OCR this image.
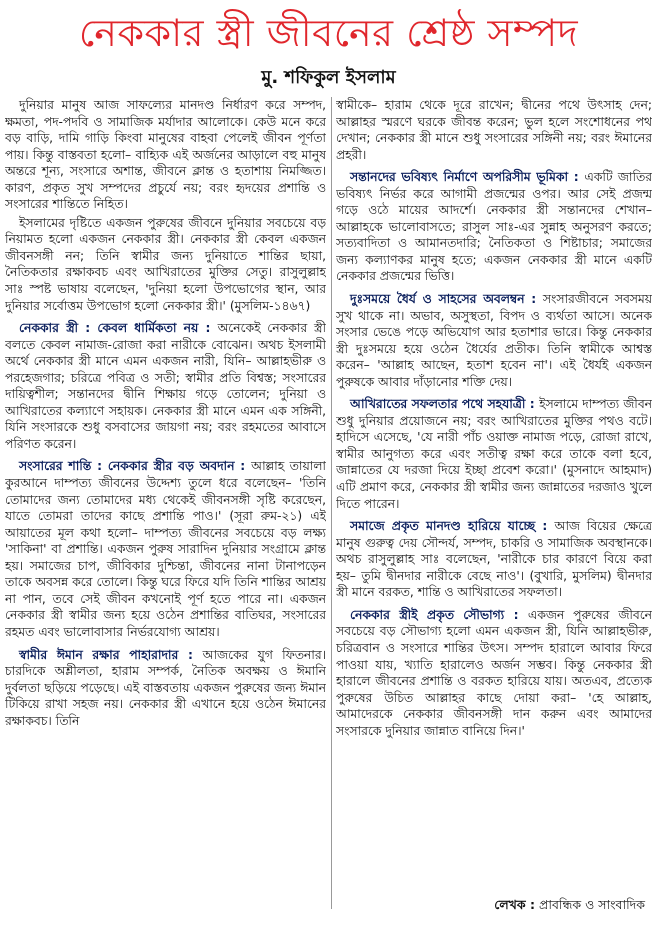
নেককার স্ত্রী জীবনের শ্রেষ্ঠ সম্পদ
মু. শফিকুল ইসলাম

দুনিয়ার মানুষ আজ সাফল্যের মানদণ্ড নির্ধারণ করে সম্পদ, ক্ষমতা, পদ-পদবি ও সামাজিক মর্যাদার আলোকে। কেউ মনে করে বড় বাড়ি, দামি গাড়ি কিংবা মানুষের বাহবা পেলেই জীবন পূর্ণতা পায়। কিন্তু বাস্তবতা হলো– বাহ্যিক এই অর্জনের আড়ালে বহু মানুষ অন্তরে শূন্য, সংসারে অশান্ত, জীবনে ক্লান্ত ও হতাশায় নিমজ্জিত। কারণ, প্রকৃত সুখ সম্পদের প্রচুর্যে নয়; বরং হৃদয়ের প্রশান্তি ও সংসারের শান্তিতে নিহিত।

ইসলামের দৃষ্টিতে একজন পুরুষের জীবনে দুনিয়ার সবচেয়ে বড় নিয়ামত হলো একজন নেককার স্ত্রী। নেককার স্ত্রী কেবল একজন জীবনসঙ্গী নন; তিনি স্বামীর জন্য দুনিয়াতে শান্তির ছায়া, নৈতিকতার রক্ষাকবচ এবং আখিরাতের মুক্তির সেতু। রাসুলুল্লাহ সাঃ স্পষ্ট ভাষায় বলেছেন, 'দুনিয়া হলো উপভোগের স্থান, আর দুনিয়ার সর্বোত্তম উপভোগ হলো নেককার স্ত্রী।' (মুসলিম-১৪৬৭)

নেককার স্ত্রী : কেবল ধার্মিকতা নয় : অনেকেই নেককার স্ত্রী বলতে কেবল নামাজ-রোজা করা নারীকে বোঝেন। অথচ ইসলামী অর্থে নেককার স্ত্রী মানে এমন একজন নারী, যিনি– আল্লাহভীরু ও পরহেজগার; চরিত্রে পবিত্র ও সতী; স্বামীর প্রতি বিশ্বস্ত; সংসারের দায়িত্বশীল; সন্তানদের দ্বীনি শিক্ষায় গড়ে তোলেন; দুনিয়া ও আখিরাতের কল্যাণে সহায়ক। নেককার স্ত্রী মানে এমন এক সঙ্গিনী, যিনি সংসারকে শুধু বসবাসের জায়গা নয়; বরং রহমতের আবাসে পরিণত করেন।

সংসারের শান্তি : নেককার স্ত্রীর বড় অবদান : আল্লাহ তায়ালা কুরআনে দাম্পত্য জীবনের উদ্দেশ্য তুলে ধরে বলেছেন– 'তিনি তোমাদের জন্য তোমাদের মধ্য থেকেই জীবনসঙ্গী সৃষ্টি করেছেন, যাতে তোমরা তাদের কাছে প্রশান্তি পাও।' (সূরা রুম-২১) এই আয়াতের মূল কথা হলো– দাম্পত্য জীবনের সবচেয়ে বড় লক্ষ্য 'সাকিনা' বা প্রশান্তি। একজন পুরুষ সারাদিন দুনিয়ার সংগ্রামে ক্লান্ত হয়। সমাজের চাপ, জীবিকার দুশ্চিন্তা, জীবনের নানা টানাপড়েন তাকে অবসন্ন করে তোলে। কিন্তু ঘরে ফিরে যদি তিনি শান্তির আশ্রয় না পান, তবে সেই জীবন কখনোই পূর্ণ হতে পারে না। একজন নেককার স্ত্রী স্বামীর জন্য হয়ে ওঠেন প্রশান্তির বাতিঘর, সংসারের রহমত এবং ভালোবাসার নির্ভরযোগ্য আশ্রয়।

স্বামীর ঈমান রক্ষার পাহারাদার : আজকের যুগ ফিতনার। চারদিকে অশ্লীলতা, হারাম সম্পর্ক, নৈতিক অবক্ষয় ও ঈমানি দুর্বলতা ছড়িয়ে পড়েছে। এই বাস্তবতায় একজন পুরুষের জন্য ঈমান টিকিয়ে রাখা সহজ নয়। নেককার স্ত্রী এখানে হয়ে ওঠেন ঈমানের রক্ষাকবচ। তিনি

স্বামীকে– হারাম থেকে দূরে রাখেন; দ্বীনের পথে উৎসাহ দেন; আল্লাহর স্মরণে ঘরকে জীবন্ত করেন; ভুল হলে সংশোধনের পথ দেখান; নেককার স্ত্রী মানে শুধু সংসারের সঙ্গিনী নয়; বরং ঈমানের প্রহরী।

সন্তানদের ভবিষ্যৎ নির্মাণে অপরিসীম ভূমিকা : একটি জাতির ভবিষ্যৎ নির্ভর করে আগামী প্রজন্মের ওপর। আর সেই প্রজন্ম গড়ে ওঠে মায়ের আদর্শে। নেককার স্ত্রী সন্তানদের শেখান– আল্লাহকে ভালোবাসতে; রাসুল সাঃ-এর সুন্নাহ অনুসরণ করতে; সত্যবাদিতা ও আমানতদারি; নৈতিকতা ও শিষ্টাচার; সমাজের জন্য কল্যাণকর মানুষ হতে; একজন নেককার স্ত্রী মানে একটি নেককার প্রজন্মের ভিত্তি।

দুঃসময়ে ধৈর্য ও সাহসের অবলম্বন : সংসারজীবনে সবসময় সুখ থাকে না। অভাব, অসুস্থতা, বিপদ ও ব্যর্থতা আসে। অনেক সংসার ভেঙে পড়ে অভিযোগ আর হতাশার ভারে। কিন্তু নেককার স্ত্রী দুঃসময়ে হয়ে ওঠেন ধৈর্যের প্রতীক। তিনি স্বামীকে আশ্বস্ত করেন– 'আল্লাহ আছেন, হতাশ হবেন না'। এই ধৈর্যই একজন পুরুষকে আবার দাঁড়ানোর শক্তি দেয়।

আখিরাতের সফলতার পথে সহযাত্রী : ইসলামে দাম্পত্য জীবন শুধু দুনিয়ার প্রয়োজনে নয়; বরং আখিরাতের মুক্তির পথও বটে। হাদিসে এসেছে, 'যে নারী পাঁচ ওয়াক্ত নামাজ পড়ে, রোজা রাখে, স্বামীর আনুগত্য করে এবং সতীত্ব রক্ষা করে তাকে বলা হবে, জান্নাতের যে দরজা দিয়ে ইচ্ছা প্রবেশ করো।' (মুসনাদে আহমাদ) এটি প্রমাণ করে, নেককার স্ত্রী স্বামীর জন্য জান্নাতের দরজাও খুলে দিতে পারেন।

সমাজে প্রকৃত মানদণ্ড হারিয়ে যাচ্ছে : আজ বিয়ের ক্ষেত্রে মানুষ গুরুত্ব দেয় সৌন্দর্য, সম্পদ, চাকরি ও সামাজিক অবস্থানকে। অথচ রাসুলুল্লাহ সাঃ বলেছেন, 'নারীকে চার কারণে বিয়ে করা হয়– তুমি দ্বীনদার নারীকে বেছে নাও'। (বুখারি, মুসলিম) দ্বীনদার স্ত্রী মানে বরকত, শান্তি ও আখিরাতের সফলতা।

নেককার স্ত্রীই প্রকৃত সৌভাগ্য : একজন পুরুষের জীবনে সবচেয়ে বড় সৌভাগ্য হলো এমন একজন স্ত্রী, যিনি আল্লাহভীরু, চরিত্রবান ও সংসারে শান্তির উৎস। সম্পদ হারালে আবার ফিরে পাওয়া যায়, খ্যাতি হারালেও অর্জন সম্ভব। কিন্তু নেককার স্ত্রী হারালে জীবনের প্রশান্তি ও বরকত হারিয়ে যায়। অতএব, প্রত্যেক পুরুষের উচিত আল্লাহর কাছে দোয়া করা– 'হে আল্লাহ, আমাদেরকে নেককার জীবনসঙ্গী দান করুন এবং আমাদের সংসারকে দুনিয়ার জান্নাত বানিয়ে দিন।'

লেখক : প্রাবন্ধিক ও সাংবাদিক
